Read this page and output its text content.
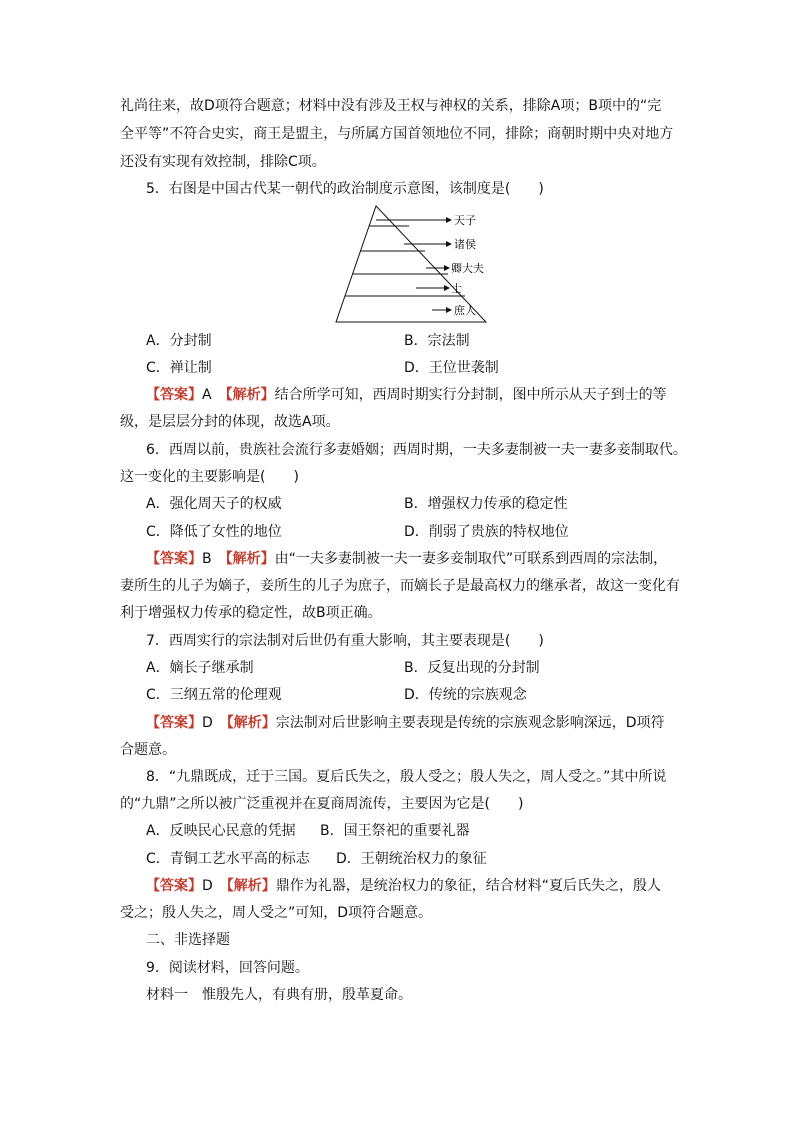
礼尚往来，故D项符合题意；材料中没有涉及王权与神权的关系，排除A项；B项中的“完
全平等”不符合史实，商王是盟主，与所属方国首领地位不同，排除；商朝时期中央对地方
还没有实现有效控制，排除C项。
5．右图是中国古代某一朝代的政治制度示意图，该制度是(　　)
天子
诸侯
卿大夫
士
庶人
A．分封制	B．宗法制
C．禅让制	D．王位世袭制
【答案】A　 【解析】结合所学可知，西周时期实行分封制，图中所示从天子到士的等
级，是层层分封的体现，故选A项。
6．西周以前，贵族社会流行多妻婚姻；西周时期，一夫多妻制被一夫一妻多妾制取代。
这一变化的主要影响是(　　)
A．强化周天子的权威	B．增强权力传承的稳定性
C．降低了女性的地位	D．削弱了贵族的特权地位
【答案】B　 【解析】由“一夫多妻制被一夫一妻多妾制取代”可联系到西周的宗法制，
妻所生的儿子为嫡子，妾所生的儿子为庶子，而嫡长子是最高权力的继承者，故这一变化有
利于增强权力传承的稳定性，故B项正确。
7．西周实行的宗法制对后世仍有重大影响，其主要表现是(　　)
A．嫡长子继承制	B．反复出现的分封制
C．三纲五常的伦理观	D．传统的宗族观念
【答案】D　 【解析】宗法制对后世影响主要表现是传统的宗族观念影响深远，D项符
合题意。
8．“九鼎既成，迁于三国。夏后氏失之，殷人受之；殷人失之，周人受之。”其中所说
的“九鼎”之所以被广泛重视并在夏商周流传，主要因为它是(　　)
A．反映民心民意的凭据 B．国王祭祀的重要礼器
C．青铜工艺水平高的标志 D．王朝统治权力的象征
【答案】D　 【解析】鼎作为礼器，是统治权力的象征，结合材料“夏后氏失之，殷人
受之；殷人失之，周人受之”可知，D项符合题意。
二、非选择题
9．阅读材料，回答问题。
材料一　惟殷先人，有典有册，殷革夏命。
